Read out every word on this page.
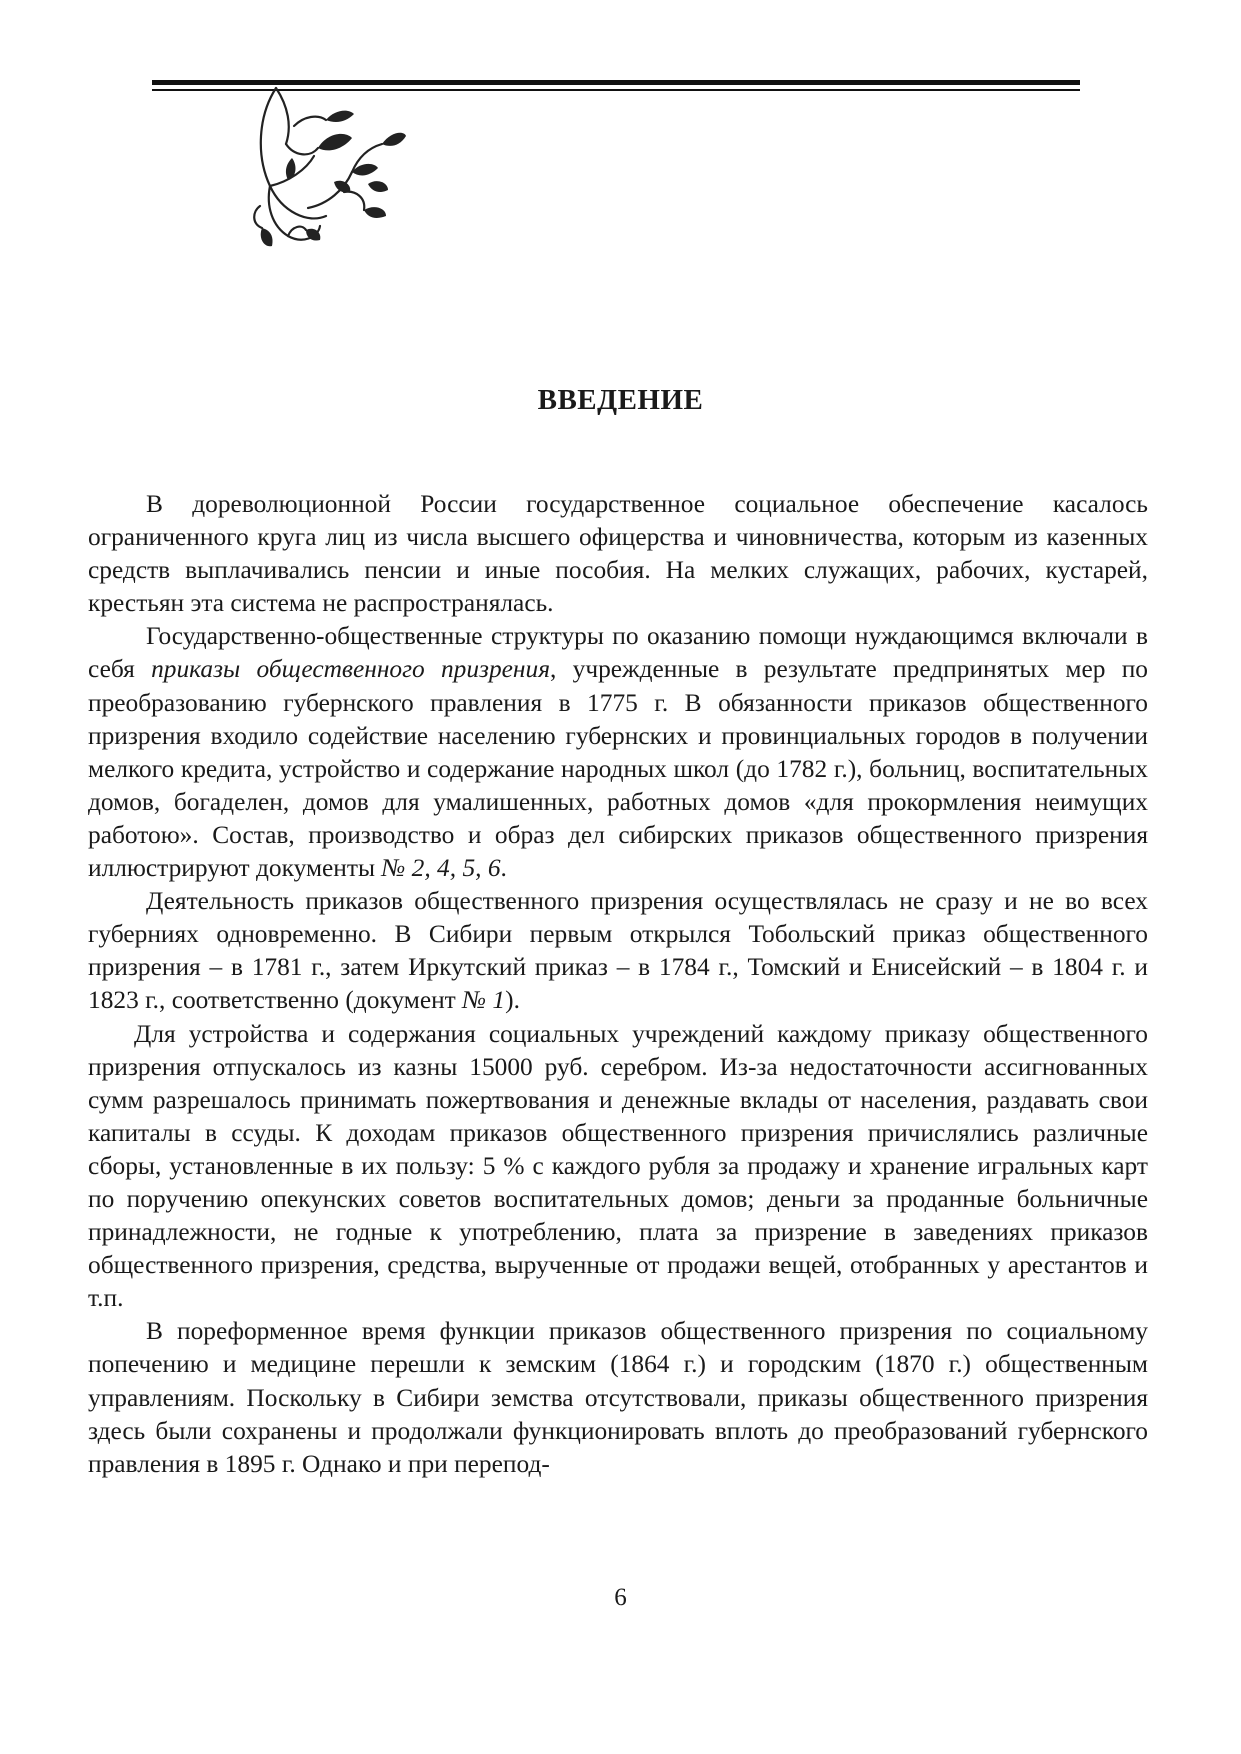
ВВЕДЕНИЕ

В дореволюционной России государственное социальное обеспечение касалось ограниченного круга лиц из числа высшего офицерства и чиновничества, которым из казенных средств выплачивались пенсии и иные пособия. На мелких служащих, рабочих, кустарей, крестьян эта система не распространялась.

Государственно-общественные структуры по оказанию помощи нуждающимся включали в себя приказы общественного призрения, учрежденные в результате предпринятых мер по преобразованию губернского правления в 1775 г. В обязанности приказов общественного призрения входило содействие населению губернских и провинциальных городов в получении мелкого кредита, устройство и содержание народных школ (до 1782 г.), больниц, воспитательных домов, богаделен, домов для умалишенных, работных домов «для прокормления неимущих работою». Состав, производство и образ дел сибирских приказов общественного призрения иллюстрируют документы № 2, 4, 5, 6.

Деятельность приказов общественного призрения осуществлялась не сразу и не во всех губерниях одновременно. В Сибири первым открылся Тобольский приказ общественного призрения – в 1781 г., затем Иркутский приказ – в 1784 г., Томский и Енисейский – в 1804 г. и 1823 г., соответственно (документ № 1).

Для устройства и содержания социальных учреждений каждому приказу общественного призрения отпускалось из казны 15000 руб. серебром. Из-за недостаточности ассигнованных сумм разрешалось принимать пожертвования и денежные вклады от населения, раздавать свои капиталы в ссуды. К доходам приказов общественного призрения причислялись различные сборы, установленные в их пользу: 5 % с каждого рубля за продажу и хранение игральных карт по поручению опекунских советов воспитательных домов; деньги за проданные больничные принадлежности, не годные к употреблению, плата за призрение в заведениях приказов общественного призрения, средства, вырученные от продажи вещей, отобранных у арестантов и т.п.

В пореформенное время функции приказов общественного призрения по социальному попечению и медицине перешли к земским (1864 г.) и городским (1870 г.) общественным управлениям. Поскольку в Сибири земства отсутствовали, приказы общественного призрения здесь были сохранены и продолжали функционировать вплоть до преобразований губернского правления в 1895 г. Однако и при перепод-

6
